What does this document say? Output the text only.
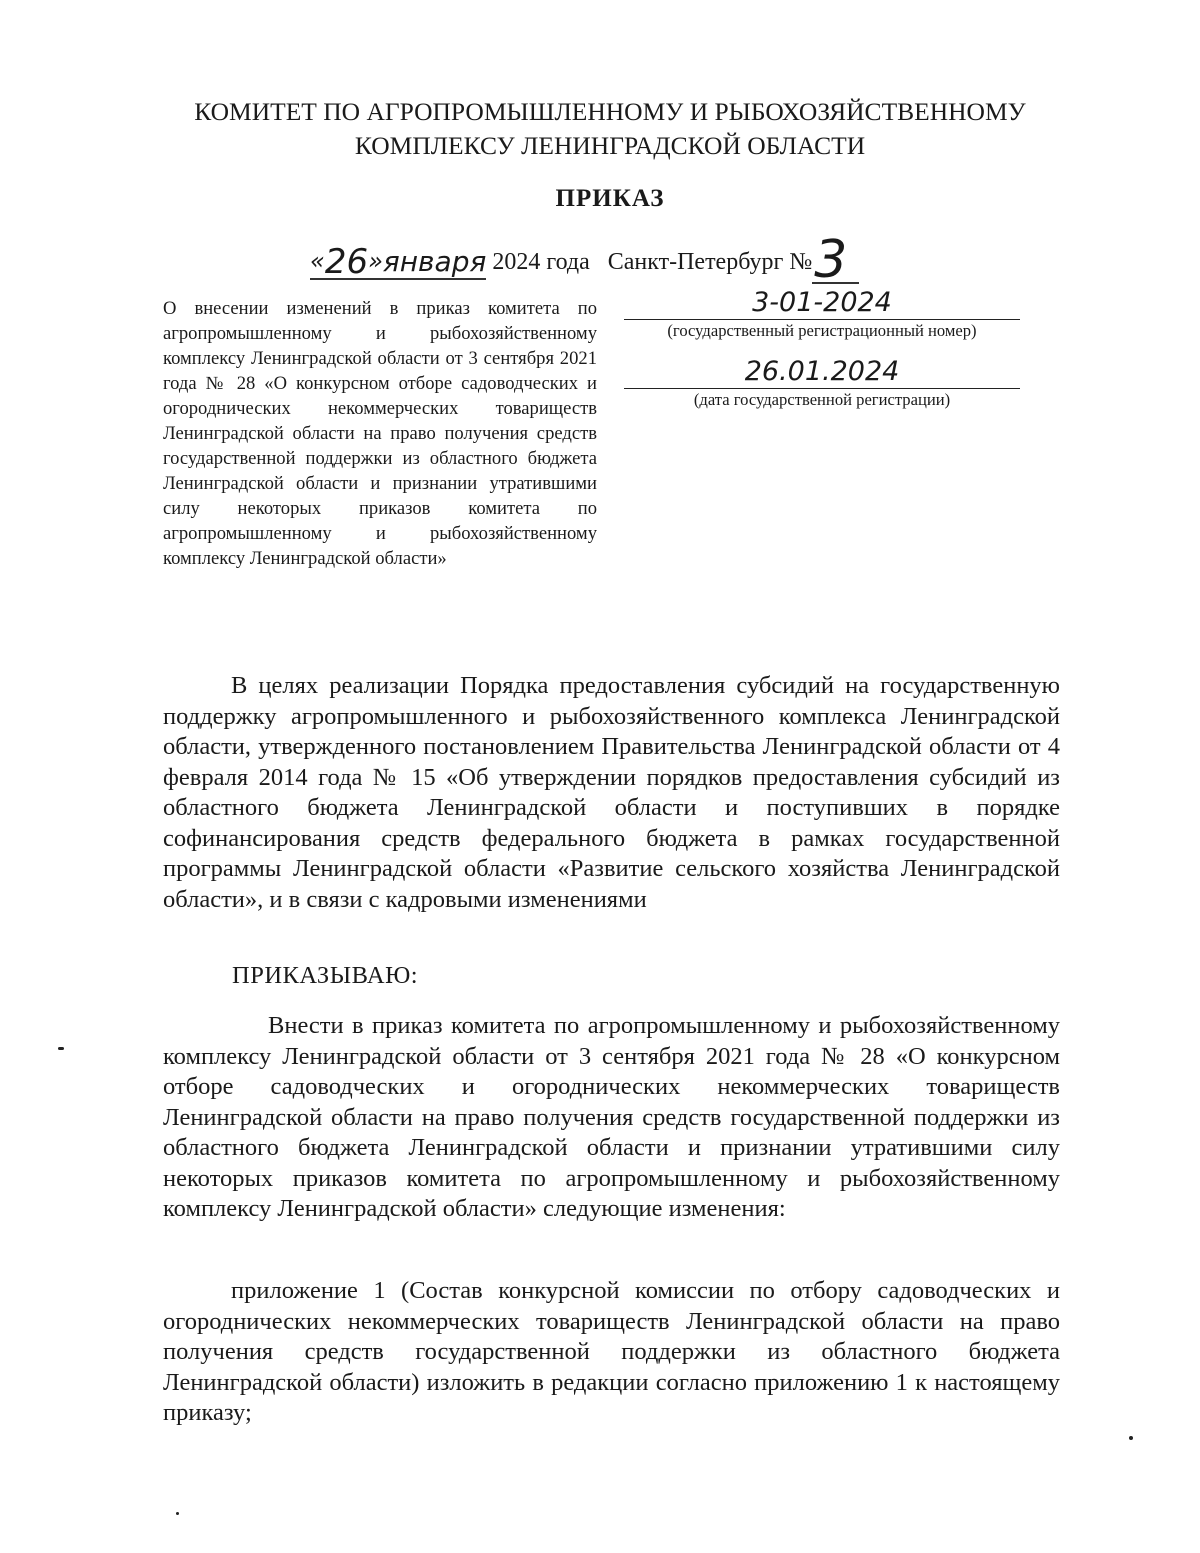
КОМИТЕТ ПО АГРОПРОМЫШЛЕННОМУ И РЫБОХОЗЯЙСТВЕННОМУ
КОМПЛЕКСУ ЛЕНИНГРАДСКОЙ ОБЛАСТИ
ПРИКАЗ
«26»января 2024 года Санкт-Петербург №3
О внесении изменений в приказ комитета по агропромышленному и рыбохозяйственному комплексу Ленинградской области от 3 сентября 2021 года № 28 «О конкурсном отборе садоводческих и огороднических некоммерческих товариществ Ленинградской области на право получения средств государственной поддержки из областного бюджета Ленинградской области и признании утратившими силу некоторых приказов комитета по агропромышленному и рыбохозяйственному комплексу Ленинградской области»
3-01-2024
(государственный регистрационный номер)
26.01.2024
(дата государственной регистрации)
В целях реализации Порядка предоставления субсидий на государственную поддержку агропромышленного и рыбохозяйственного комплекса Ленинградской области, утвержденного постановлением Правительства Ленинградской области от 4 февраля 2014 года № 15 «Об утверждении порядков предоставления субсидий из областного бюджета Ленинградской области и поступивших в порядке софинансирования средств федерального бюджета в рамках государственной программы Ленинградской области «Развитие сельского хозяйства Ленинградской области», и в связи с кадровыми изменениями
ПРИКАЗЫВАЮ:
Внести в приказ комитета по агропромышленному и рыбохозяйственному комплексу Ленинградской области от 3 сентября 2021 года № 28 «О конкурсном отборе садоводческих и огороднических некоммерческих товариществ Ленинградской области на право получения средств государственной поддержки из областного бюджета Ленинградской области и признании утратившими силу некоторых приказов комитета по агропромышленному и рыбохозяйственному комплексу Ленинградской области» следующие изменения:
приложение 1 (Состав конкурсной комиссии по отбору садоводческих и огороднических некоммерческих товариществ Ленинградской области на право получения средств государственной поддержки из областного бюджета Ленинградской области) изложить в редакции согласно приложению 1 к настоящему приказу;
